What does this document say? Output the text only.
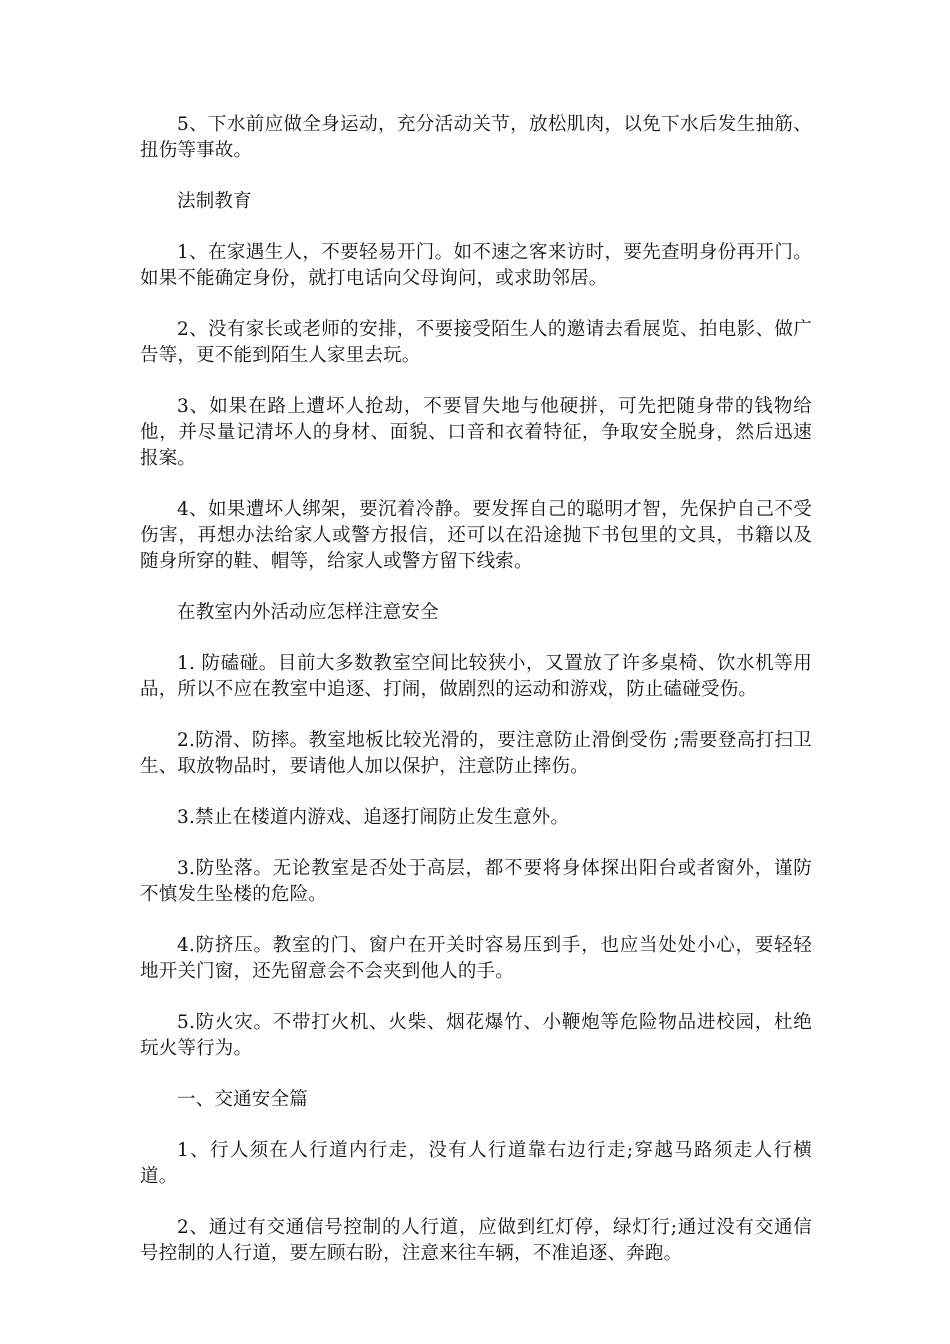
5、下水前应做全身运动，充分活动关节，放松肌肉，以免下水后发生抽筋、扭伤等事故。

法制教育

1、在家遇生人，不要轻易开门。如不速之客来访时，要先查明身份再开门。如果不能确定身份，就打电话向父母询问，或求助邻居。

2、没有家长或老师的安排，不要接受陌生人的邀请去看展览、拍电影、做广告等，更不能到陌生人家里去玩。

3、如果在路上遭坏人抢劫，不要冒失地与他硬拼，可先把随身带的钱物给他，并尽量记清坏人的身材、面貌、口音和衣着特征，争取安全脱身，然后迅速报案。

4、如果遭坏人绑架，要沉着冷静。要发挥自己的聪明才智，先保护自己不受伤害，再想办法给家人或警方报信，还可以在沿途抛下书包里的文具，书籍以及随身所穿的鞋、帽等，给家人或警方留下线索。

在教室内外活动应怎样注意安全

1. 防磕碰。目前大多数教室空间比较狭小，又置放了许多桌椅、饮水机等用品，所以不应在教室中追逐、打闹，做剧烈的运动和游戏，防止磕碰受伤。

2.防滑、防摔。教室地板比较光滑的，要注意防止滑倒受伤 ;需要登高打扫卫生、取放物品时，要请他人加以保护，注意防止摔伤。

3.禁止在楼道内游戏、追逐打闹防止发生意外。

3.防坠落。无论教室是否处于高层，都不要将身体探出阳台或者窗外，谨防不慎发生坠楼的危险。

4.防挤压。教室的门、窗户在开关时容易压到手，也应当处处小心，要轻轻地开关门窗，还先留意会不会夹到他人的手。

5.防火灾。不带打火机、火柴、烟花爆竹、小鞭炮等危险物品进校园，杜绝玩火等行为。

一、交通安全篇

1、行人须在人行道内行走，没有人行道靠右边行走;穿越马路须走人行横道。

2、通过有交通信号控制的人行道，应做到红灯停，绿灯行;通过没有交通信号控制的人行道，要左顾右盼，注意来往车辆，不准追逐、奔跑。
